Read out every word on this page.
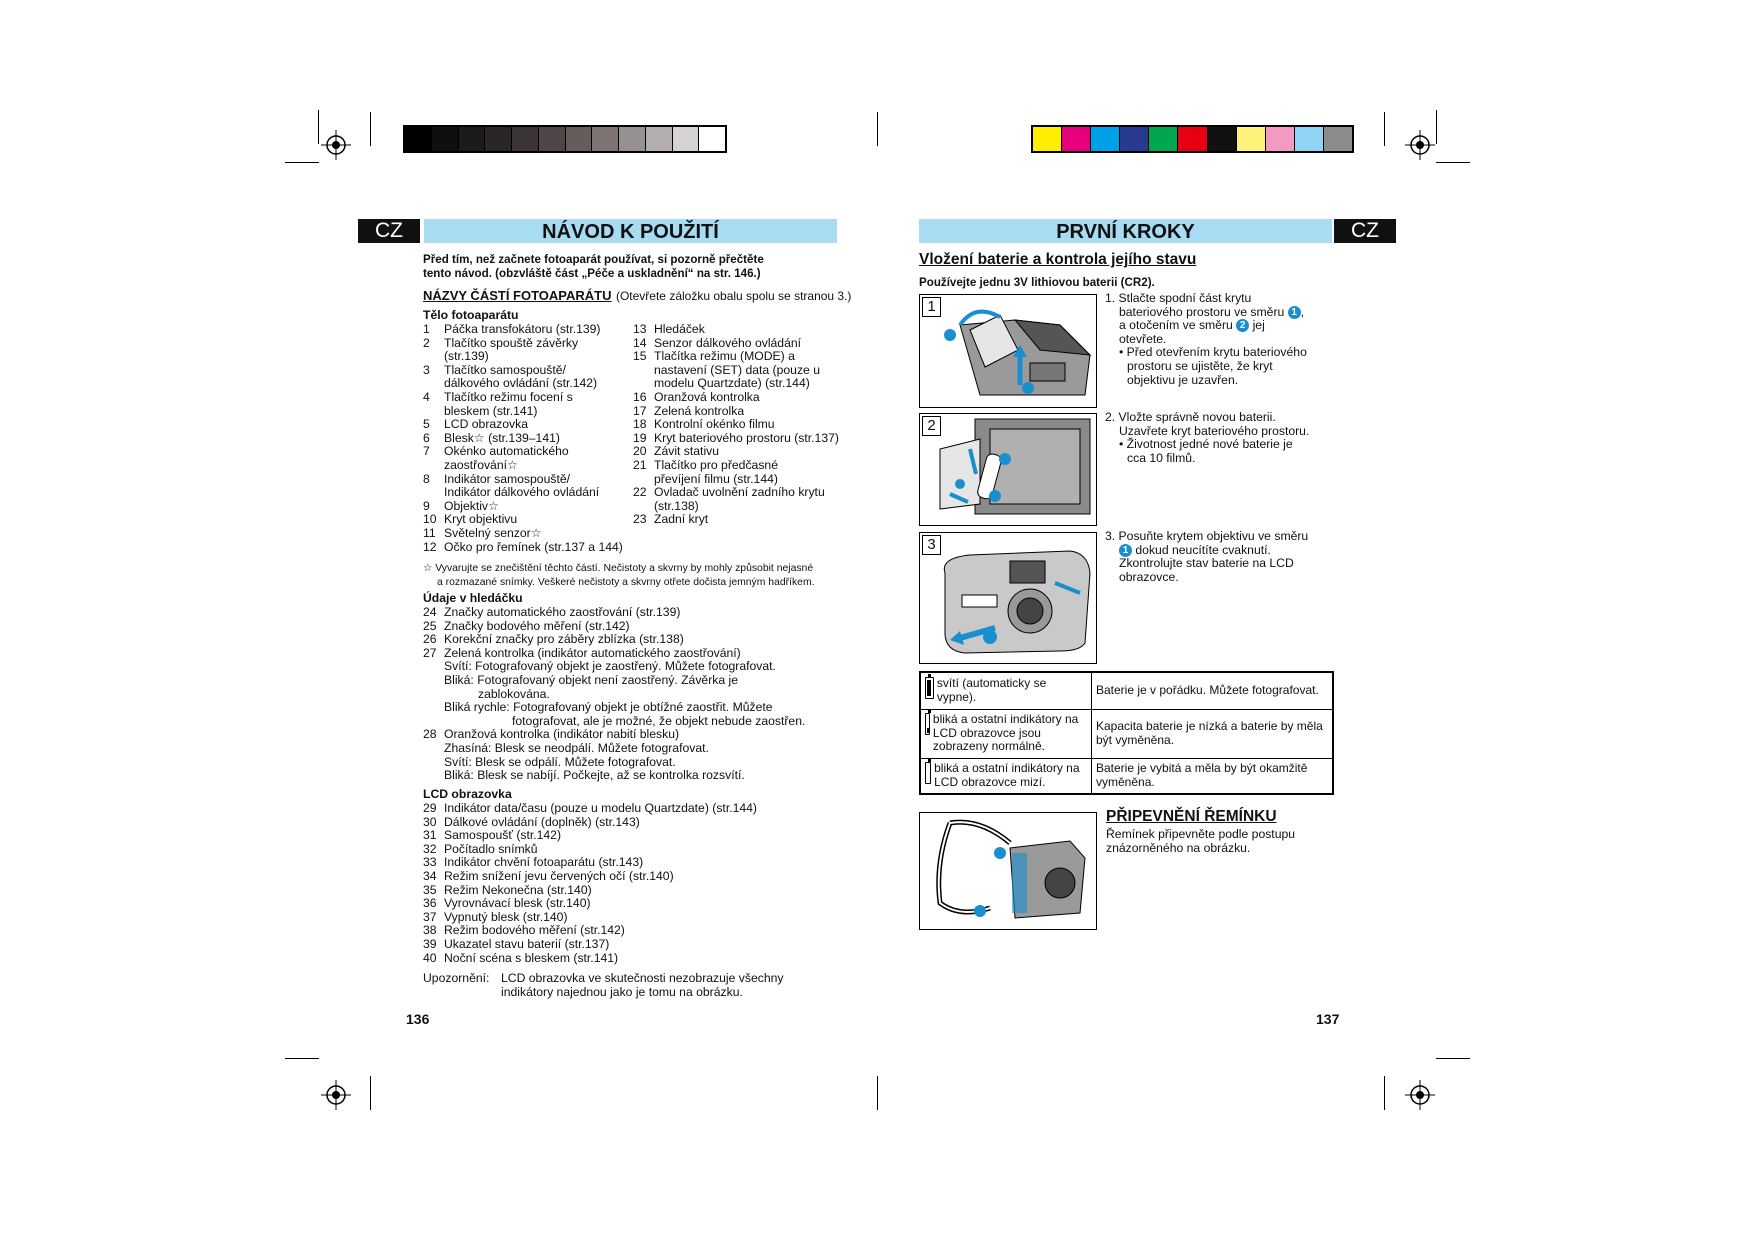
CZ	NÁVOD K POUŽITÍ
Před tím, než začnete fotoaparát používat, si pozorně přečtěte
tento návod. (obzvláště část „Péče a uskladnění“ na str. 146.)
NÁZVY ČÁSTÍ FOTOAPARÁTU (Otevřete záložku obalu spolu se stranou 3.)
Tělo fotoaparátu
1	Páčka transfokátoru (str.139)
2	Tlačítko spouště závěrky
(str.139)
3	Tlačítko samospouště/
dálkového ovládání (str.142)
4	Tlačítko režimu focení s
bleskem (str.141)
5	LCD obrazovka
6	Blesk☆ (str.139–141)
7	Okénko automatického
zaostřování☆
8	Indikátor samospouště/
Indikátor dálkového ovládání
9	Objektiv☆
10 Kryt objektivu
11 Světelný senzor☆
12 Očko pro řemínek (str.137 a 144)
13 Hledáček
14 Senzor dálkového ovládání
15 Tlačítka režimu (MODE) a
nastavení (SET) data (pouze u
modelu Quartzdate) (str.144)
16 Oranžová kontrolka
17 Zelená kontrolka
18 Kontrolní okénko filmu
19 Kryt bateriového prostoru (str.137)
20 Závit stativu
21 Tlačítko pro předčasné
převíjení filmu (str.144)
22 Ovladač uvolnění zadního krytu
(str.138)
23 Zadní kryt
☆ Vyvarujte se znečištění těchto částí. Nečistoty a skvrny by mohly způsobit nejasné
a rozmazané snímky. Veškeré nečistoty a skvrny otřete dočista jemným hadříkem.
Údaje v hledáčku
24 Značky automatického zaostřování (str.139)
25 Značky bodového měření (str.142)
26 Korekční značky pro záběry zblízka (str.138)
27 Zelená kontrolka (indikátor automatického zaostřování)
Svítí: Fotografovaný objekt je zaostřený. Můžete fotografovat.
Bliká: Fotografovaný objekt není zaostřený. Závěrka je
zablokována.
Bliká rychle: Fotografovaný objekt je obtížné zaostřit. Můžete
fotografovat, ale je možné, že objekt nebude zaostřen.
28 Oranžová kontrolka (indikátor nabití blesku)
Zhasíná: Blesk se neodpálí. Můžete fotografovat.
Svítí: Blesk se odpálí. Můžete fotografovat.
Bliká: Blesk se nabíjí. Počkejte, až se kontrolka rozsvítí.
LCD obrazovka
29 Indikátor data/času (pouze u modelu Quartzdate) (str.144)
30 Dálkové ovládání (doplněk) (str.143)
31 Samospoušť (str.142)
32 Počítadlo snímků
33 Indikátor chvění fotoaparátu (str.143)
34 Režim snížení jevu červených očí (str.140)
35 Režim Nekonečna (str.140)
36 Vyrovnávací blesk (str.140)
37 Vypnutý blesk (str.140)
38 Režim bodového měření (str.142)
39 Ukazatel stavu baterií (str.137)
40 Noční scéna s bleskem (str.141)
Upozornění: LCD obrazovka ve skutečnosti nezobrazuje všechny
indikátory najednou jako je tomu na obrázku.
136
PRVNÍ KROKY	CZ
Vložení baterie a kontrola jejího stavu
Používejte jednu 3V lithiovou baterii (CR2).
1
2
3
1. Stlačte spodní část krytu
bateriového prostoru ve směru 1 ,
a otočením ve směru 2 jej
otevřete.
• Před otevřením krytu bateriového
prostoru se ujistěte, že kryt
objektivu je uzavřen.
2. Vložte správně novou baterii.
Uzavřete kryt bateriového prostoru.
• Životnost jedné nové baterie je
cca 10 filmů.
3. Posuňte krytem objektivu ve směru
1 dokud neucítíte cvaknutí.
Zkontrolujte stav baterie na LCD
obrazovce.
svítí (automaticky se vypne).	Baterie je v pořádku. Můžete fotografovat.

bliká a ostatní indikátory na LCD obrazovce jsou zobrazeny normálně.	Kapacita baterie je nízká a baterie by měla být vyměněna.

bliká a ostatní indikátory na LCD obrazovce mizí.	Baterie je vybitá a měla by být okamžitě vyměněna.
PŘIPEVNĚNÍ ŘEMÍNKU
Řemínek připevněte podle postupu
znázorněného na obrázku.
137
